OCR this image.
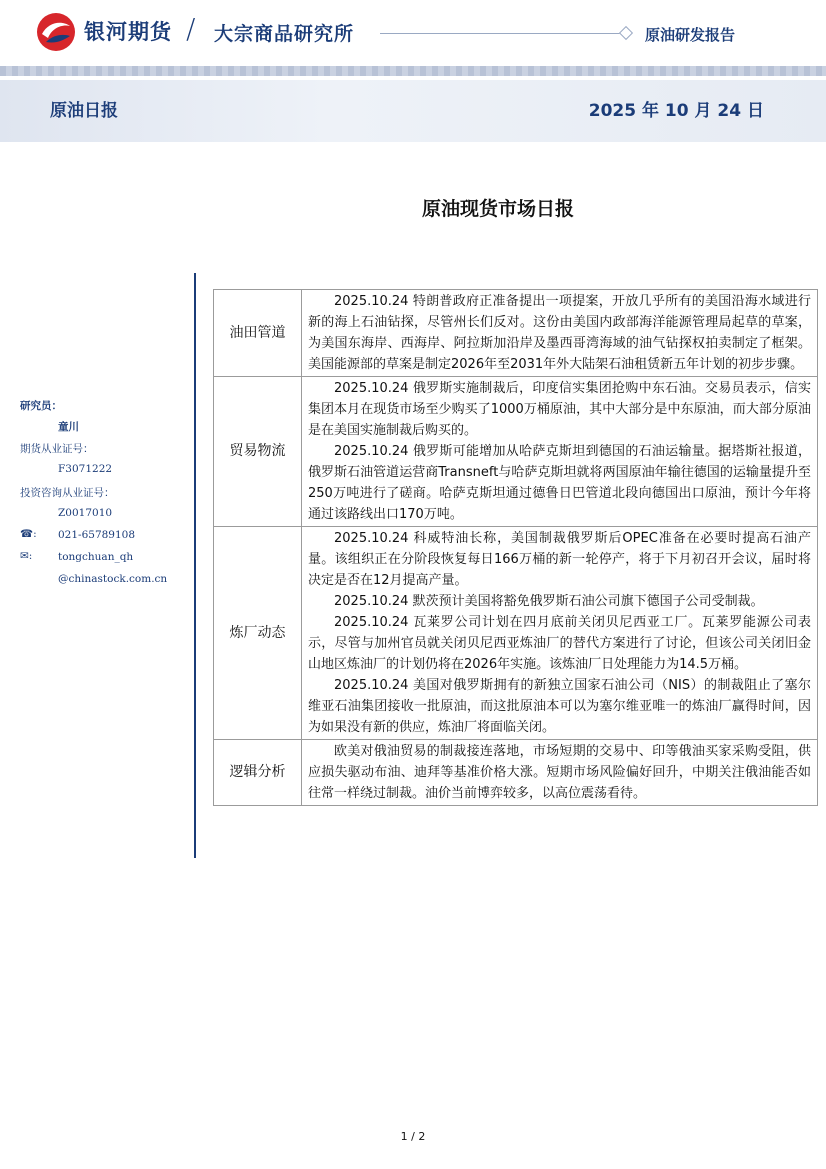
银河期货 / 大宗商品研究所	原油研发报告
原油日报	2025 年 10 月 24 日
原油现货市场日报
研究员：
童川
期货从业证号：
F3071222
投资咨询从业证号：
Z0017010
☎: 021-65789108
✉: tongchuan_qh
@chinastock.com.cn
油田管道	2025.10.24 特朗普政府正准备提出一项提案，开放几乎所有的美国沿海水域进行新的海上石油钻探，尽管州长们反对。这份由美国内政部海洋能源管理局起草的草案，为美国东海岸、西海岸、阿拉斯加沿岸及墨西哥湾海域的油气钻探权拍卖制定了框架。美国能源部的草案是制定2026年至2031年外大陆架石油租赁新五年计划的初步步骤。

贸易物流	2025.10.24 俄罗斯实施制裁后，印度信实集团抢购中东石油。交易员表示，信实集团本月在现货市场至少购买了1000万桶原油，其中大部分是中东原油，而大部分原油是在美国实施制裁后购买的。

2025.10.24 俄罗斯可能增加从哈萨克斯坦到德国的石油运输量。据塔斯社报道，俄罗斯石油管道运营商Transneft与哈萨克斯坦就将两国原油年输往德国的运输量提升至250万吨进行了磋商。哈萨克斯坦通过德鲁日巴管道北段向德国出口原油，预计今年将通过该路线出口170万吨。

炼厂动态	2025.10.24 科威特油长称，美国制裁俄罗斯后OPEC准备在必要时提高石油产量。该组织正在分阶段恢复每日166万桶的新一轮停产，将于下月初召开会议，届时将决定是否在12月提高产量。

2025.10.24 默茨预计美国将豁免俄罗斯石油公司旗下德国子公司受制裁。

2025.10.24 瓦莱罗公司计划在四月底前关闭贝尼西亚工厂。瓦莱罗能源公司表示，尽管与加州官员就关闭贝尼西亚炼油厂的替代方案进行了讨论，但该公司关闭旧金山地区炼油厂的计划仍将在2026年实施。该炼油厂日处理能力为14.5万桶。

2025.10.24 美国对俄罗斯拥有的新独立国家石油公司（NIS）的制裁阻止了塞尔维亚石油集团接收一批原油，而这批原油本可以为塞尔维亚唯一的炼油厂赢得时间，因为如果没有新的供应，炼油厂将面临关闭。

逻辑分析	欧美对俄油贸易的制裁接连落地，市场短期的交易中、印等俄油买家采购受阻，供应损失驱动布油、迪拜等基准价格大涨。短期市场风险偏好回升，中期关注俄油能否如往常一样绕过制裁。油价当前博弈较多，以高位震荡看待。

1 / 2
